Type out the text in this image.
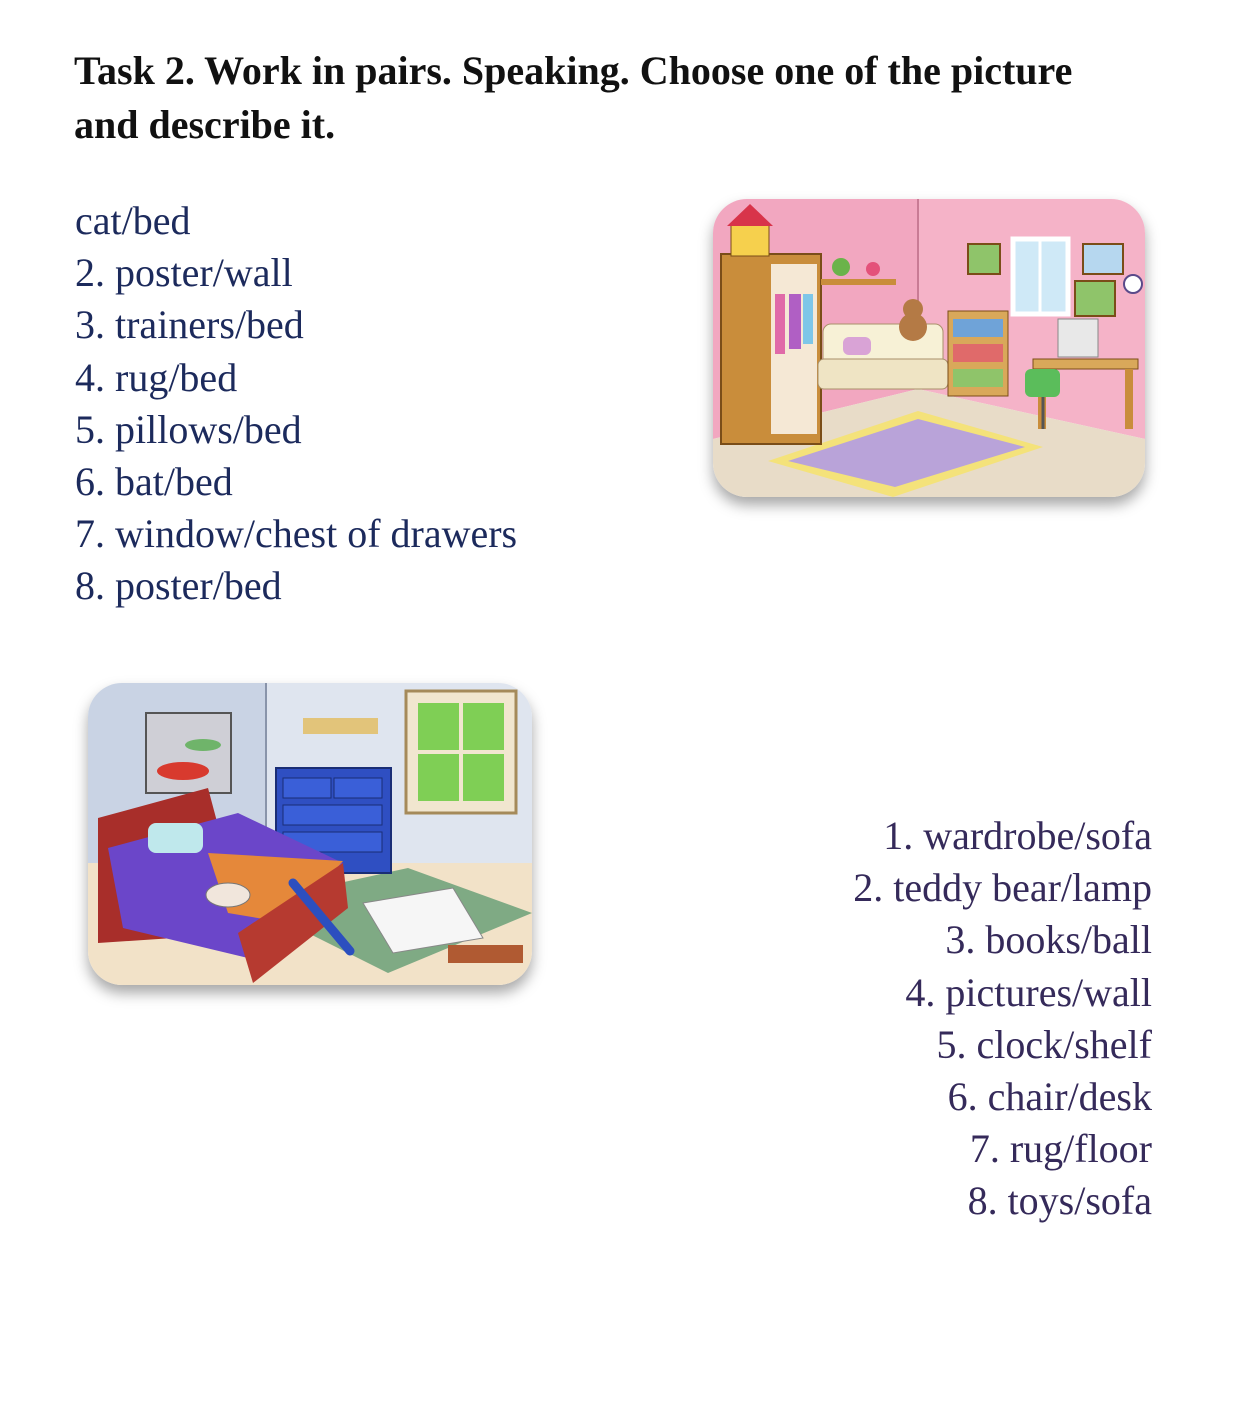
Task 2. Work in pairs. Speaking. Choose one of the picture and describe it.
cat/bed
2. poster/wall
3. trainers/bed
4. rug/bed
5. pillows/bed
6. bat/bed
7. window/chest of drawers
8. poster/bed
1. wardrobe/sofa
2. teddy bear/lamp
3. books/ball
4. pictures/wall
5. clock/shelf
6. chair/desk
7. rug/floor
8. toys/sofa
